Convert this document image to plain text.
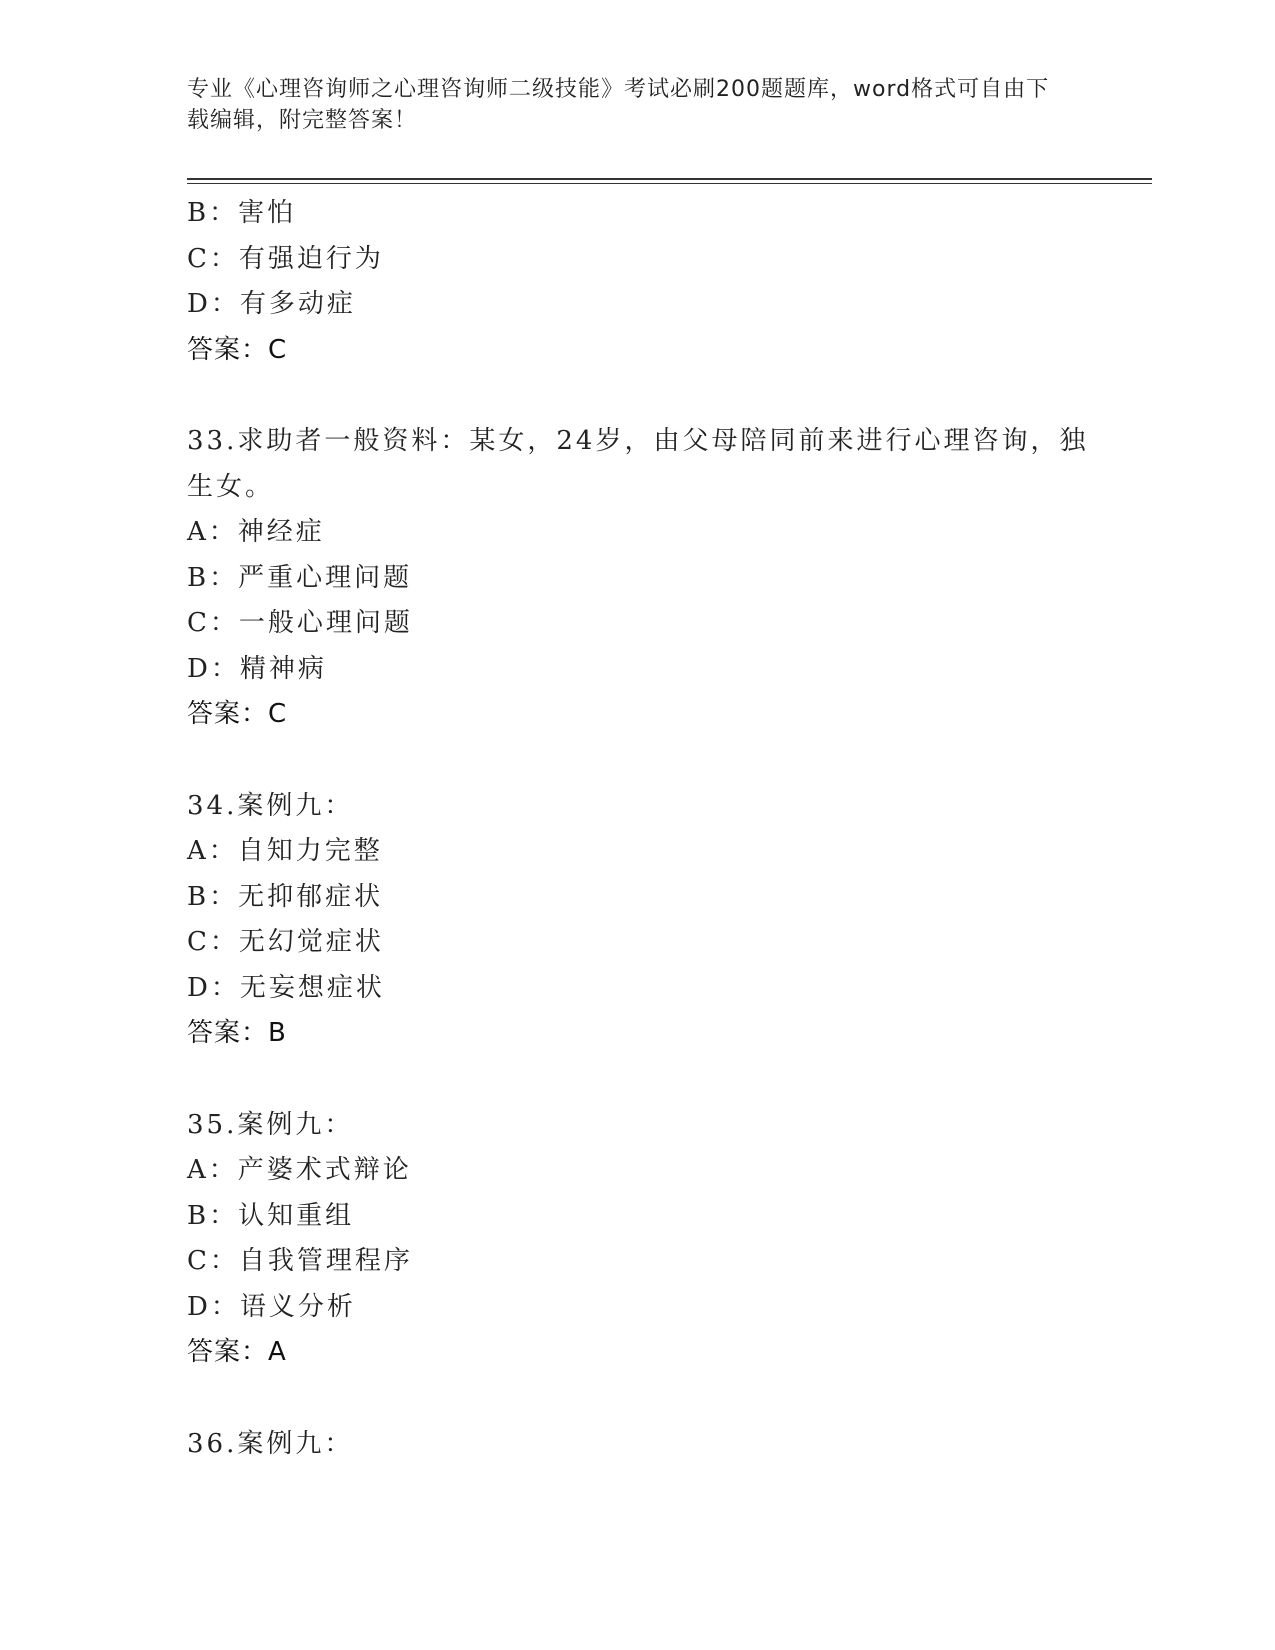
专业《心理咨询师之心理咨询师二级技能》考试必刷200题题库，word格式可自由下载编辑，附完整答案！
B：害怕
C：有强迫行为
D：有多动症
答案：C
33.求助者一般资料：某女，24岁，由父母陪同前来进行心理咨询，独生女。
A：神经症
B：严重心理问题
C：一般心理问题
D：精神病
答案：C
34.案例九：
A：自知力完整
B：无抑郁症状
C：无幻觉症状
D：无妄想症状
答案：B
35.案例九：
A：产婆术式辩论
B：认知重组
C：自我管理程序
D：语义分析
答案：A
36.案例九：
